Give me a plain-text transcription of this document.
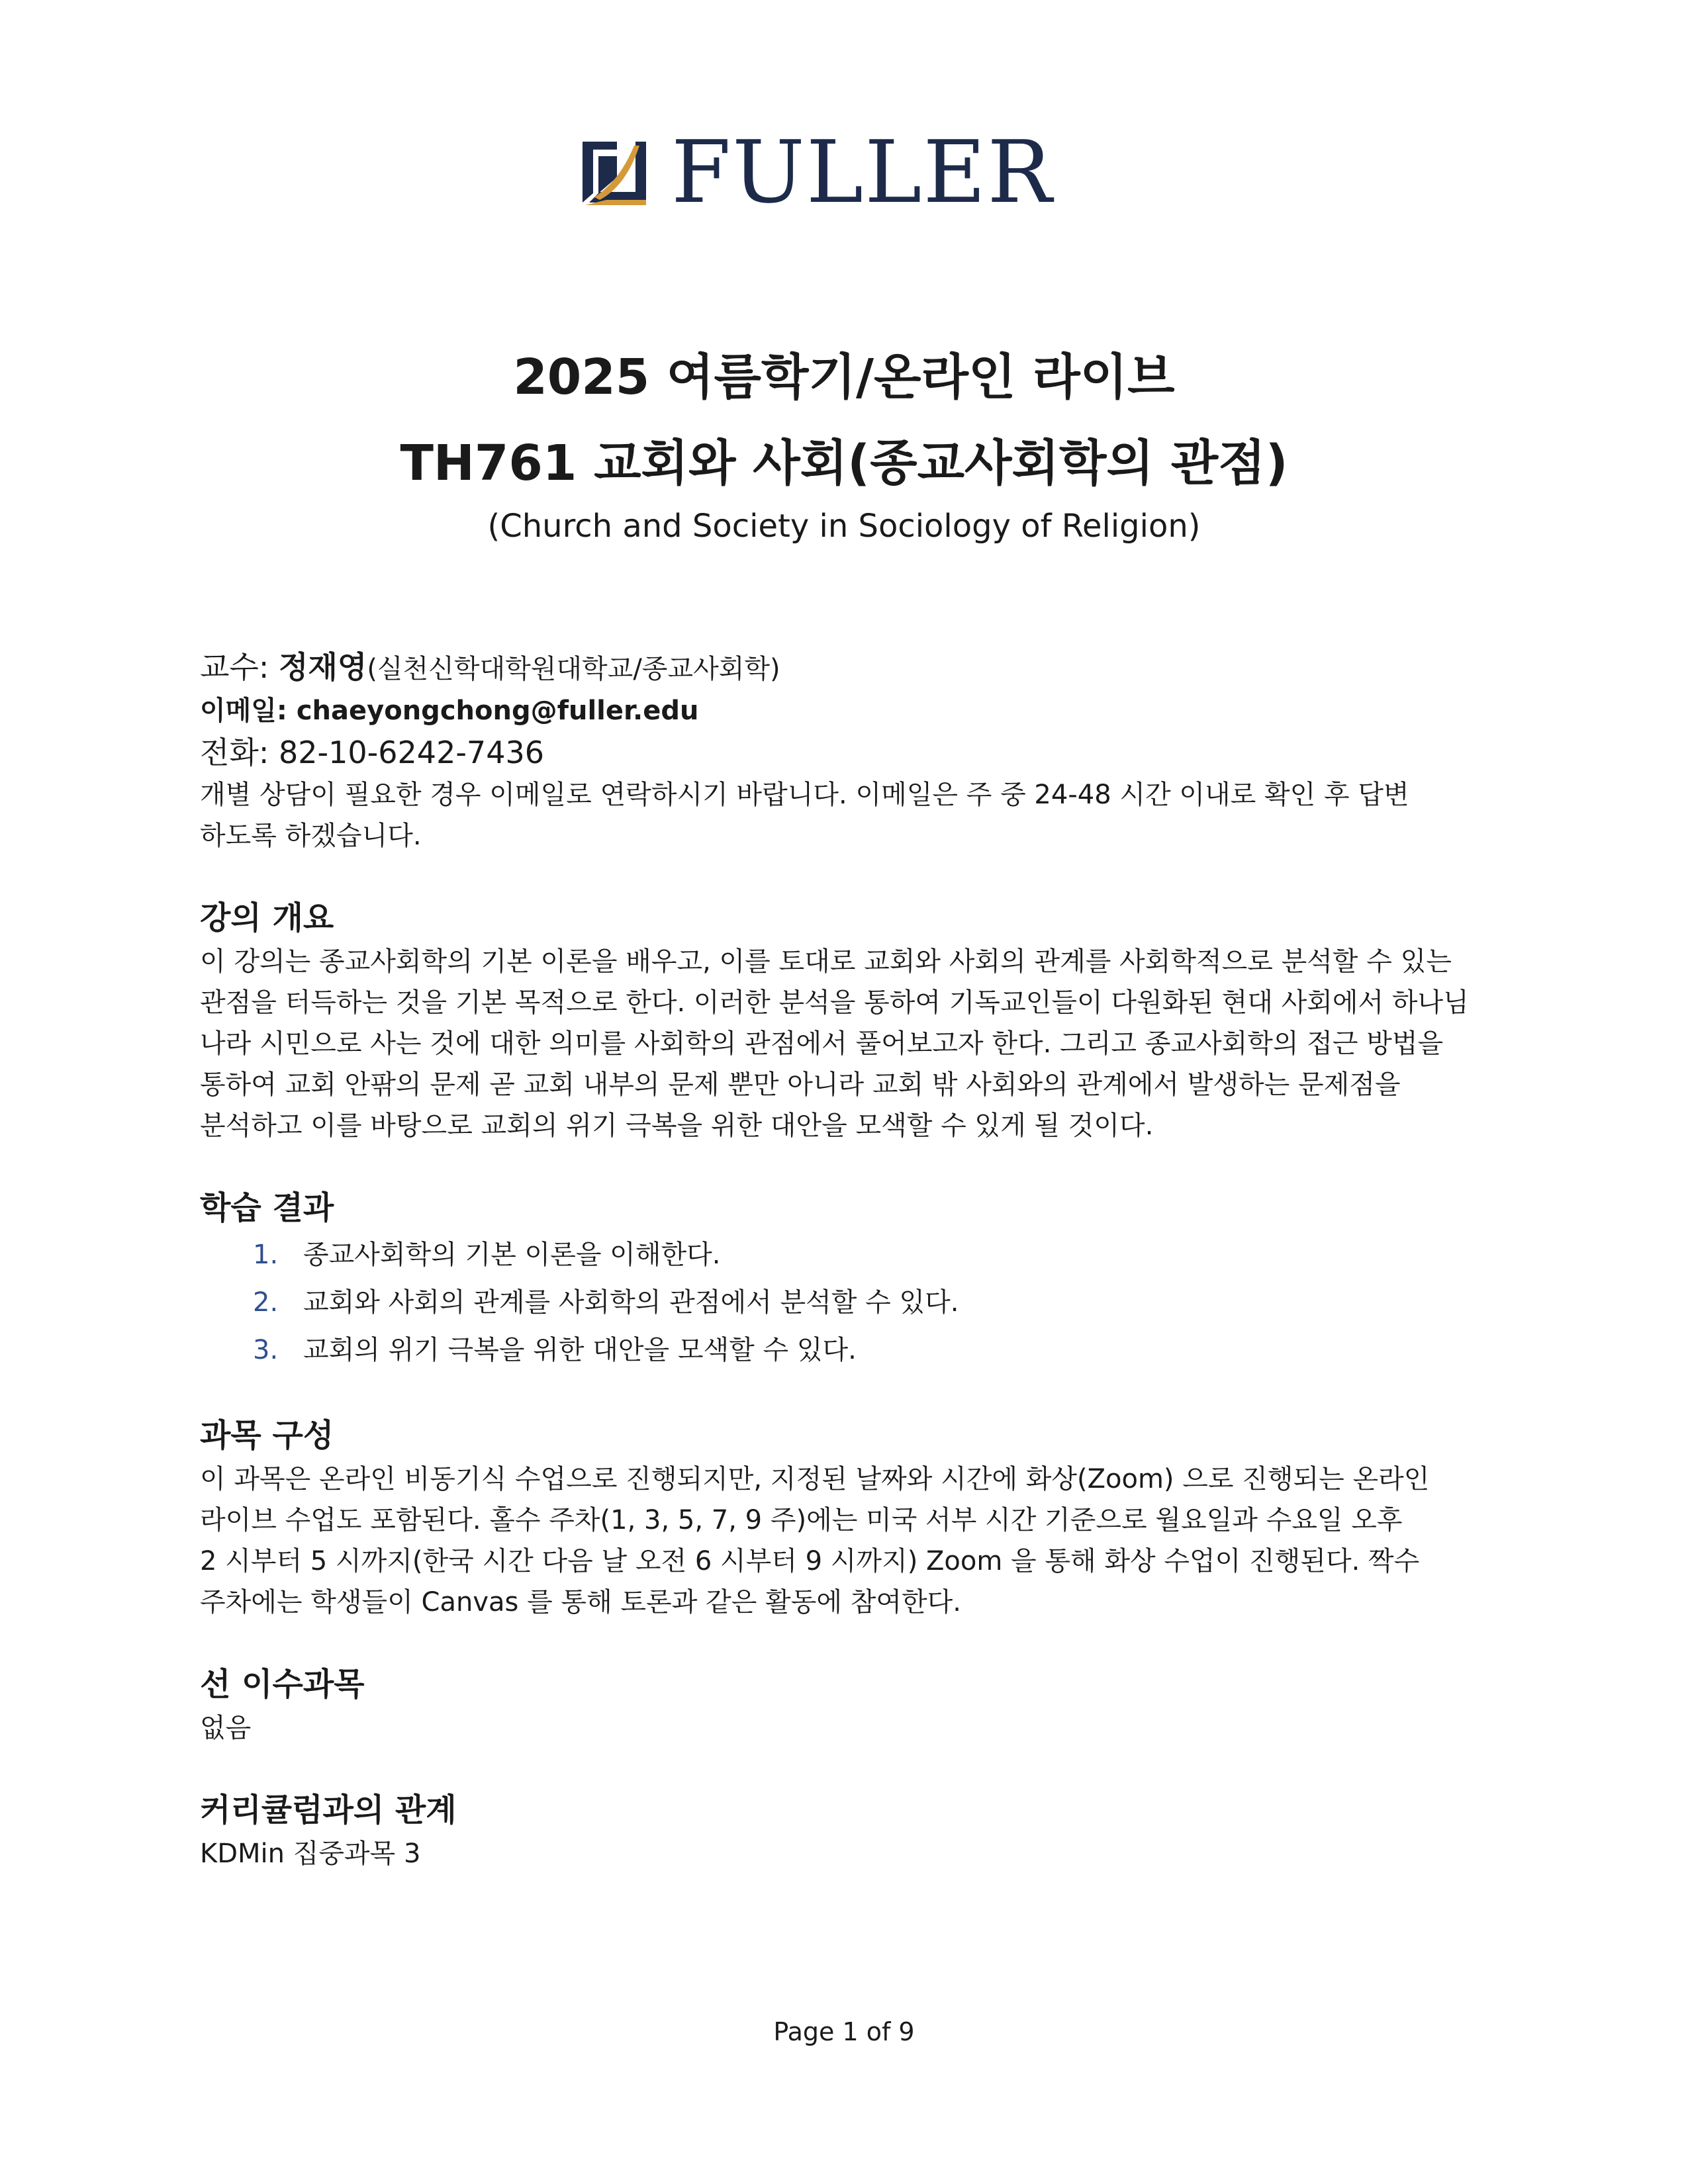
FULLER
2025 여름학기/온라인 라이브
TH761 교회와 사회(종교사회학의 관점)
(Church and Society in Sociology of Religion)
교수: 정재영(실천신학대학원대학교/종교사회학)
이메일: chaeyongchong@fuller.edu
전화: 82-10-6242-7436

개별 상담이 필요한 경우 이메일로 연락하시기 바랍니다. 이메일은 주 중 24-48 시간 이내로 확인 후 답변

하도록 하겠습니다.

강의 개요

이 강의는 종교사회학의 기본 이론을 배우고, 이를 토대로 교회와 사회의 관계를 사회학적으로 분석할 수 있는

관점을 터득하는 것을 기본 목적으로 한다. 이러한 분석을 통하여 기독교인들이 다원화된 현대 사회에서 하나님

나라 시민으로 사는 것에 대한 의미를 사회학의 관점에서 풀어보고자 한다. 그리고 종교사회학의 접근 방법을

통하여 교회 안팎의 문제 곧 교회 내부의 문제 뿐만 아니라 교회 밖 사회와의 관계에서 발생하는 문제점을

분석하고 이를 바탕으로 교회의 위기 극복을 위한 대안을 모색할 수 있게 될 것이다.

학습 결과
1. 종교사회학의 기본 이론을 이해한다.
2. 교회와 사회의 관계를 사회학의 관점에서 분석할 수 있다.
3. 교회의 위기 극복을 위한 대안을 모색할 수 있다.
과목 구성

이 과목은 온라인 비동기식 수업으로 진행되지만, 지정된 날짜와 시간에 화상(Zoom) 으로 진행되는 온라인

라이브 수업도 포함된다. 홀수 주차(1, 3, 5, 7, 9 주)에는 미국 서부 시간 기준으로 월요일과 수요일 오후

2 시부터 5 시까지(한국 시간 다음 날 오전 6 시부터 9 시까지) Zoom 을 통해 화상 수업이 진행된다. 짝수

주차에는 학생들이 Canvas 를 통해 토론과 같은 활동에 참여한다.

선 이수과목

없음

커리큘럼과의 관계

KDMin 집중과목 3

Page 1 of 9
